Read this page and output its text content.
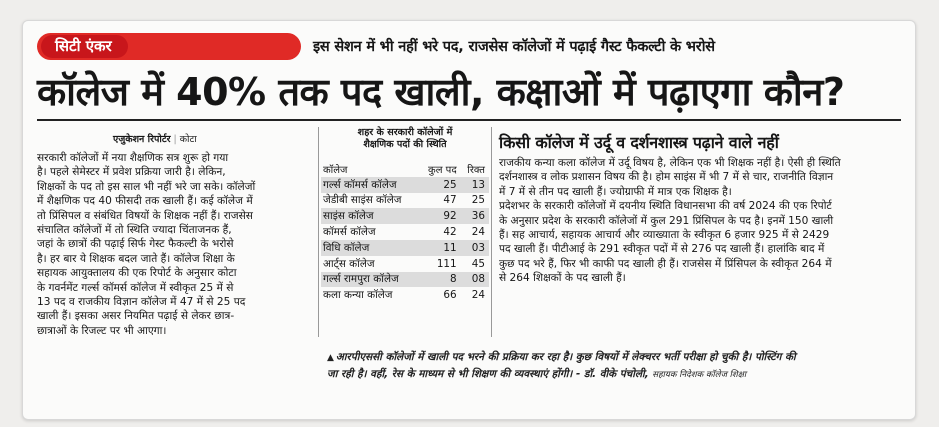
सिटी एंकर	इस सेशन में भी नहीं भरे पद, राजसेस कॉलेजों में पढ़ाई गैस्ट फैकल्टी के भरोसे
कॉलेज में 40% तक पद खाली, कक्षाओं में पढ़ाएगा कौन?
एजुकेशन रिपोर्टर | कोटा
सरकारी कॉलेजों में नया शैक्षणिक सत्र शुरू हो गया
है। पहले सेमेस्टर में प्रवेश प्रक्रिया जारी है। लेकिन,
शिक्षकों के पद तो इस साल भी नहीं भरे जा सके। कॉलेजों
में शैक्षणिक पद 40 फीसदी तक खाली हैं। कई कॉलेज में
तो प्रिंसिपल व संबंधित विषयों के शिक्षक नहीं हैं। राजसेस
संचालित कॉलेजों में तो स्थिति ज्यादा चिंताजनक हैं,
जहां के छात्रों की पढ़ाई सिर्फ गेस्ट फैकल्टी के भरोसे
है। हर बार ये शिक्षक बदल जाते हैं। कॉलेज शिक्षा के
सहायक आयुक्तालय की एक रिपोर्ट के अनुसार कोटा
के गवर्नमेंट गर्ल्स कॉमर्स कॉलेज में स्वीकृत 25 में से
13 पद व राजकीय विज्ञान कॉलेज में 47 में से 25 पद
खाली हैं। इसका असर नियमित पढ़ाई से लेकर छात्र-
छात्राओं के रिजल्ट पर भी आएगा।
शहर के सरकारी कॉलेजों में
शैक्षणिक पदों की स्थिति
कॉलेज	कुल पद	रिक्त
गर्ल्स कॉमर्स कॉलेज	25	13
जेडीबी साइंस कॉलेज	47	25
साइंस कॉलेज	92	36
कॉमर्स कॉलेज	42	24
विधि कॉलेज	11	03
आर्ट्स कॉलेज	111	45
गर्ल्स रामपुरा कॉलेज	8	08
कला कन्या कॉलेज	66	24
किसी कॉलेज में उर्दू व दर्शनशास्त्र पढ़ाने वाले नहीं
राजकीय कन्या कला कॉलेज में उर्दू विषय है, लेकिन एक भी शिक्षक नहीं है। ऐसी ही स्थिति
दर्शनशास्त्र व लोक प्रशासन विषय की है। होम साइंस में भी 7 में से चार, राजनीति विज्ञान
में 7 में से तीन पद खाली हैं। ज्योग्राफी में मात्र एक शिक्षक है।
प्रदेशभर के सरकारी कॉलेजों में दयनीय स्थिति विधानसभा की वर्ष 2024 की एक रिपोर्ट
के अनुसार प्रदेश के सरकारी कॉलेजों में कुल 291 प्रिंसिपल के पद है। इनमें 150 खाली
हैं। सह आचार्य, सहायक आचार्य और व्याख्याता के स्वीकृत 6 हजार 925 में से 2429
पद खाली हैं। पीटीआई के 291 स्वीकृत पदों में से 276 पद खाली हैं। हालांकि बाद में
कुछ पद भरे हैं, फिर भी काफी पद खाली ही हैं। राजसेस में प्रिंसिपल के स्वीकृत 264 में
से 264 शिक्षकों के पद खाली हैं।
▲ आरपीएससी कॉलेजों में खाली पद भरने की प्रक्रिया कर रहा है। कुछ विषयों में लेक्चरर भर्ती परीक्षा हो चुकी है। पोस्टिंग की
जा रही है। वहीं, रेस के माध्यम से भी शिक्षण की व्यवस्थाएं होंगी। - डॉ. वीके पंचोली, सहायक निदेशक कॉलेज शिक्षा
